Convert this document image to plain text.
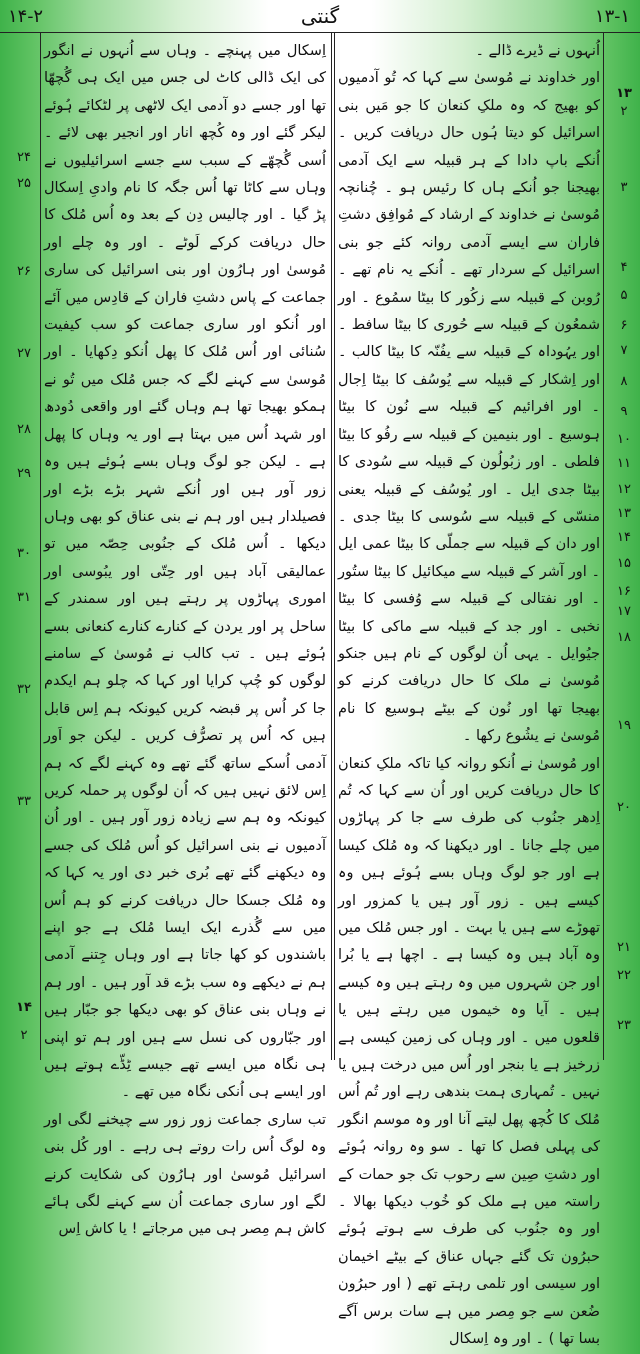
۱۴-۲	گنتی	۱۳-۱

اُنہوں نے ڈیرے ڈالے ۔

اور خداوند نے مُوسیٰ سے کہا کہ تُو آدمیوں کو بھیج کہ وہ ملکِ کنعان کا جو مَیں بنی اسرائیل کو دیتا ہُوں حال دریافت کریں ۔ اُنکے باپ دادا کے ہر قبیلہ سے ایک آدمی بھیجنا جو اُنکے ہاں کا رئیس ہو ۔ چُنانچہ مُوسیٰ نے خداوند کے ارشاد کے مُوافِق دشتِ فاران سے ایسے آدمی روانہ کئے جو بنی اسرائیل کے سردار تھے ۔ اُنکے یہ نام تھے ۔ رُوبن کے قبیلہ سے زکُور کا بیٹا سمُوع ۔ اور شمعُون کے قبیلہ سے حُوری کا بیٹا سافط ۔ اور یہُوداہ کے قبیلہ سے یفُنّہ کا بیٹا کالب ۔ اور اِشکار کے قبیلہ سے یُوسُف کا بیٹا اِجال ۔ اور افرائیم کے قبیلہ سے نُون کا بیٹا ہوسیع ۔ اور بنیمین کے قبیلہ سے رفُو کا بیٹا فلطی ۔ اور زبُولُون کے قبیلہ سے سُودی کا بیٹا جدی ایل ۔ اور یُوسُف کے قبیلہ یعنی منسّی کے قبیلہ سے سُوسی کا بیٹا جدی ۔ اور دان کے قبیلہ سے جملّی کا بیٹا عمی ایل ۔ اور آشر کے قبیلہ سے میکائیل کا بیٹا ستُور ۔ اور نفتالی کے قبیلہ سے وُفسی کا بیٹا نخبی ۔ اور جد کے قبیلہ سے ماکی کا بیٹا جیُوایل ۔ یہی اُن لوگوں کے نام ہیں جنکو مُوسیٰ نے ملک کا حال دریافت کرنے کو بھیجا تھا اور نُون کے بیٹے ہوسیع کا نام مُوسیٰ نے یشُوع رکھا ۔

اور مُوسیٰ نے اُنکو روانہ کیا تاکہ ملکِ کنعان کا حال دریافت کریں اور اُن سے کہا کہ تُم اِدھر جنُوب کی طرف سے جا کر پہاڑوں میں چلے جانا ۔ اور دیکھنا کہ وہ مُلک کیسا ہے اور جو لوگ وہاں بسے ہُوئے ہیں وہ کیسے ہیں ۔ زور آور ہیں یا کمزور اور تھوڑے سے ہیں یا بہت ۔ اور جس مُلک میں وہ آباد ہیں وہ کیسا ہے ۔ اچھا ہے یا بُرا اور جن شہروں میں وہ رہتے ہیں وہ کیسے ہیں ۔ آیا وہ خیموں میں رہتے ہیں یا قلعوں میں ۔ اور وہاں کی زمین کیسی ہے زرخیز ہے یا بنجر اور اُس میں درخت ہیں یا نہیں ۔ تُمہاری ہمت بندھی رہے اور تُم اُس مُلک کا کُچھ پھل لیتے آنا اور وہ موسم انگور کی پہلی فصل کا تھا ۔ سو وہ روانہ ہُوئے اور دشتِ صِین سے رحوب تک جو حمات کے راستہ میں ہے ملک کو خُوب دیکھا بھالا ۔ اور وہ جنُوب کی طرف سے ہوتے ہُوئے حبرُون تک گئے جہاں عناق کے بیٹے اخیمان اور سیسی اور تلمی رہتے تھے ( اور حبرُون ضُعن سے جو مِصر میں ہے سات برس آگے بسا تھا ) ۔ اور وہ اِسکال

اِسکال میں پہنچے ۔ وہاں سے اُنہوں نے انگور کی ایک ڈالی کاٹ لی جس میں ایک ہی گُچھّا تھا اور جسے دو آدمی ایک لاٹھی پر لٹکائے ہُوئے لیکر گئے اور وہ کُچھ انار اور انجیر بھی لائے ۔ اُسی گُچھّے کے سبب سے جسے اسرائیلیوں نے وہاں سے کاٹا تھا اُس جگہ کا نام وادیِ اِسکال پڑ گیا ۔ اور چالیس دِن کے بعد وہ اُس مُلک کا حال دریافت کرکے لَوٹے ۔ اور وہ چلے اور مُوسیٰ اور ہارُون اور بنی اسرائیل کی ساری جماعت کے پاس دشتِ فاران کے قادِس میں آئے اور اُنکو اور ساری جماعت کو سب کیفیت سُنائی اور اُس مُلک کا پھل اُنکو دِکھایا ۔ اور مُوسیٰ سے کہنے لگے کہ جس مُلک میں تُو نے ہمکو بھیجا تھا ہم وہاں گئے اور واقعی دُودھ اور شہد اُس میں بہتا ہے اور یہ وہاں کا پھل ہے ۔ لیکن جو لوگ وہاں بسے ہُوئے ہیں وہ زور آور ہیں اور اُنکے شہر بڑے بڑے اور فصیلدار ہیں اور ہم نے بنی عناق کو بھی وہاں دیکھا ۔ اُس مُلک کے جنُوبی حِصّہ میں تو عمالیقی آباد ہیں اور حِتّی اور یبُوسی اور اموری پہاڑوں پر رہتے ہیں اور سمندر کے ساحل پر اور یردن کے کنارے کنارے کنعانی بسے ہُوئے ہیں ۔ تب کالب نے مُوسیٰ کے سامنے لوگوں کو چُپ کرایا اور کہا کہ چلو ہم ایکدم جا کر اُس پر قبضہ کریں کیونکہ ہم اِس قابل ہیں کہ اُس پر تصرُّف کریں ۔ لیکن جو اَور آدمی اُسکے ساتھ گئے تھے وہ کہنے لگے کہ ہم اِس لائق نہیں ہیں کہ اُن لوگوں پر حملہ کریں کیونکہ وہ ہم سے زیادہ زور آور ہیں ۔ اور اُن آدمیوں نے بنی اسرائیل کو اُس مُلک کی جسے وہ دیکھنے گئے تھے بُری خبر دی اور یہ کہا کہ وہ مُلک جسکا حال دریافت کرنے کو ہم اُس میں سے گُذرے ایک ایسا مُلک ہے جو اپنے باشندوں کو کھا جاتا ہے اور وہاں جِتنے آدمی ہم نے دیکھے وہ سب بڑے قد آور ہیں ۔ اور ہم نے وہاں بنی عناق کو بھی دیکھا جو جبّار ہیں اور جبّاروں کی نسل سے ہیں اور ہم تو اپنی ہی نگاہ میں ایسے تھے جیسے ٹِڈّے ہوتے ہیں اور ایسے ہی اُنکی نگاہ میں تھے ۔

تب ساری جماعت زور زور سے چیخنے لگی اور وہ لوگ اُس رات روتے ہی رہے ۔ اور کُل بنی اسرائیل مُوسیٰ اور ہارُون کی شکایت کرنے لگے اور ساری جماعت اُن سے کہنے لگی ہائے کاش ہم مِصر ہی میں مرجاتے ! یا کاش اِس

۱۳
۱۴
۲
۳
۴
۵
۶
۷
۸
۹
۱۰
۱۱
۱۲
۱۳
۱۴
۱۵
۱۶
۱۷
۱۸
۱۹
۲۰
۲۱
۲۲
۲۳
۲۴
۲۵
۲۶
۲۷
۲۸
۲۹
۳۰
۳۱
۳۲
۳۳
۲
